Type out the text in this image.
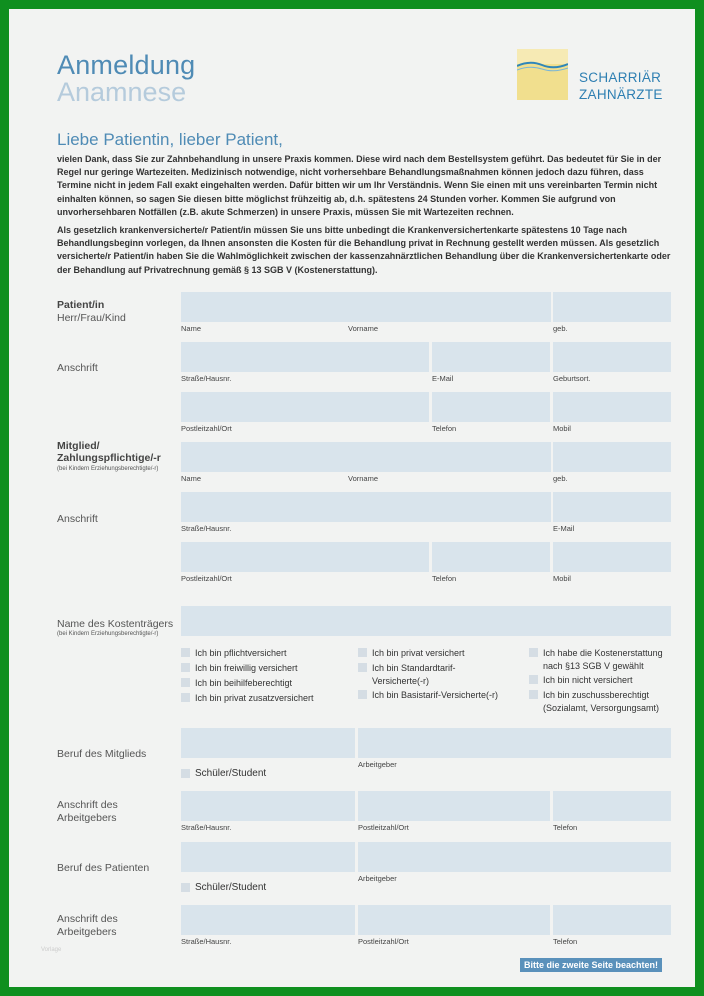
Anmeldung
Anamnese	SCHARRIÄR
ZAHNÄRZTE
Liebe Patientin, lieber Patient,

vielen Dank, dass Sie zur Zahnbehandlung in unsere Praxis kommen. Diese wird nach dem Bestellsystem geführt. Das bedeutet für Sie in der Regel nur geringe Wartezeiten. Medizinisch notwendige, nicht vorhersehbare Behandlungsmaßnahmen können jedoch dazu führen, dass Termine nicht in jedem Fall exakt eingehalten werden. Dafür bitten wir um Ihr Verständnis. Wenn Sie einen mit uns vereinbarten Termin nicht einhalten können, so sagen Sie diesen bitte möglichst frühzeitig ab, d.h. spätestens 24 Stunden vorher. Kommen Sie aufgrund von unvorhersehbaren Notfällen (z.B. akute Schmerzen) in unsere Praxis, müssen Sie mit Wartezeiten rechnen.

Als gesetzlich krankenversicherte/r Patient/in müssen Sie uns bitte unbedingt die Krankenversichertenkarte spätestens 10 Tage nach Behandlungsbeginn vorlegen, da Ihnen ansonsten die Kosten für die Behandlung privat in Rechnung gestellt werden müssen. Als gesetzlich versicherte/r Patient/in haben Sie die Wahlmöglichkeit zwischen der kassenzahnärztlichen Behandlung über die Krankenversichertenkarte oder der Behandlung auf Privatrechnung gemäß § 13 SGB V (Kostenerstattung).

Patient/in
Herr/Frau/Kind
Name	Vorname	geb.
Anschrift
Straße/Hausnr.	E-Mail	Geburtsort.
Postleitzahl/Ort	Telefon	Mobil
Mitglied/
Zahlungspflichtige/-r
(bei Kindern Erziehungsberechtigte/-r)
Name	Vorname	geb.
Anschrift
Straße/Hausnr.	E-Mail
Postleitzahl/Ort	Telefon	Mobil
Name des Kostenträgers
(bei Kindern Erziehungsberechtigte/-r)
Ich bin pflichtversichert
Ich bin freiwillig versichert
Ich bin beihilfeberechtigt
Ich bin privat zusatzversichert
Ich bin privat versichert
Ich bin Standardtarif-Versicherte(-r)
Ich bin Basistarif-Versicherte(-r)
Ich habe die Kostenerstattung nach §13 SGB V gewählt
Ich bin nicht versichert
Ich bin zuschussberechtigt (Sozialamt, Versorgungsamt)
Beruf des Mitglieds
Arbeitgeber
Schüler/Student
Anschrift des
Arbeitgebers
Straße/Hausnr.	Postleitzahl/Ort	Telefon
Beruf des Patienten
Arbeitgeber
Schüler/Student
Anschrift des
Arbeitgebers
Straße/Hausnr.	Postleitzahl/Ort	Telefon
Vorlage
Bitte die zweite Seite beachten!
